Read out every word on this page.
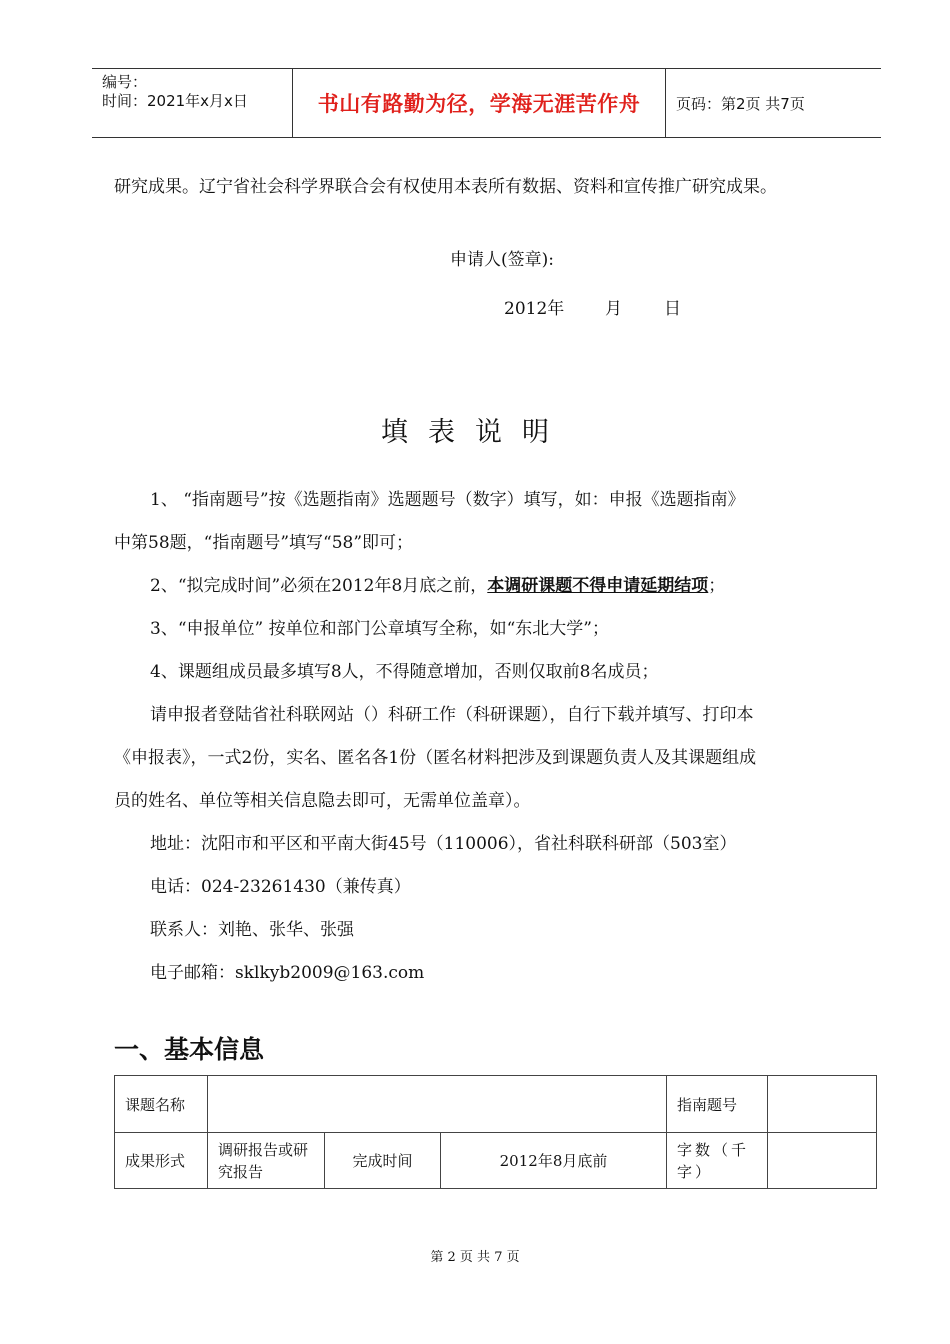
编号：
时间：2021年x月x日	书山有路勤为径，学海无涯苦作舟	页码：第2页 共7页
研究成果。辽宁省社会科学界联合会有权使用本表所有数据、资料和宣传推广研究成果。
申请人(签章):
2012年 月 日
填表说明
1、 “指南题号”按《选题指南》选题题号（数字）填写，如：申报《选题指南》
中第58题，“指南题号”填写“58”即可；
2、“拟完成时间”必须在2012年8月底之前，本调研课题不得申请延期结项；
3、“申报单位” 按单位和部门公章填写全称，如“东北大学”；
4、课题组成员最多填写8人，不得随意增加，否则仅取前8名成员；
请申报者登陆省社科联网站（）科研工作（科研课题），自行下载并填写、打印本
《申报表》，一式2份，实名、匿名各1份（匿名材料把涉及到课题负责人及其课题组成
员的姓名、单位等相关信息隐去即可，无需单位盖章）。
地址：沈阳市和平区和平南大街45号（110006），省社科联科研部（503室）
电话：024-23261430（兼传真）
联系人：刘艳、张华、张强
电子邮箱：sklkyb2009@163.com
一、基本信息
课题名称				指南题号	
成果形式	调研报告或研究报告	完成时间	2012年8月底前	字数（千字）	
第 2 页 共 7 页
